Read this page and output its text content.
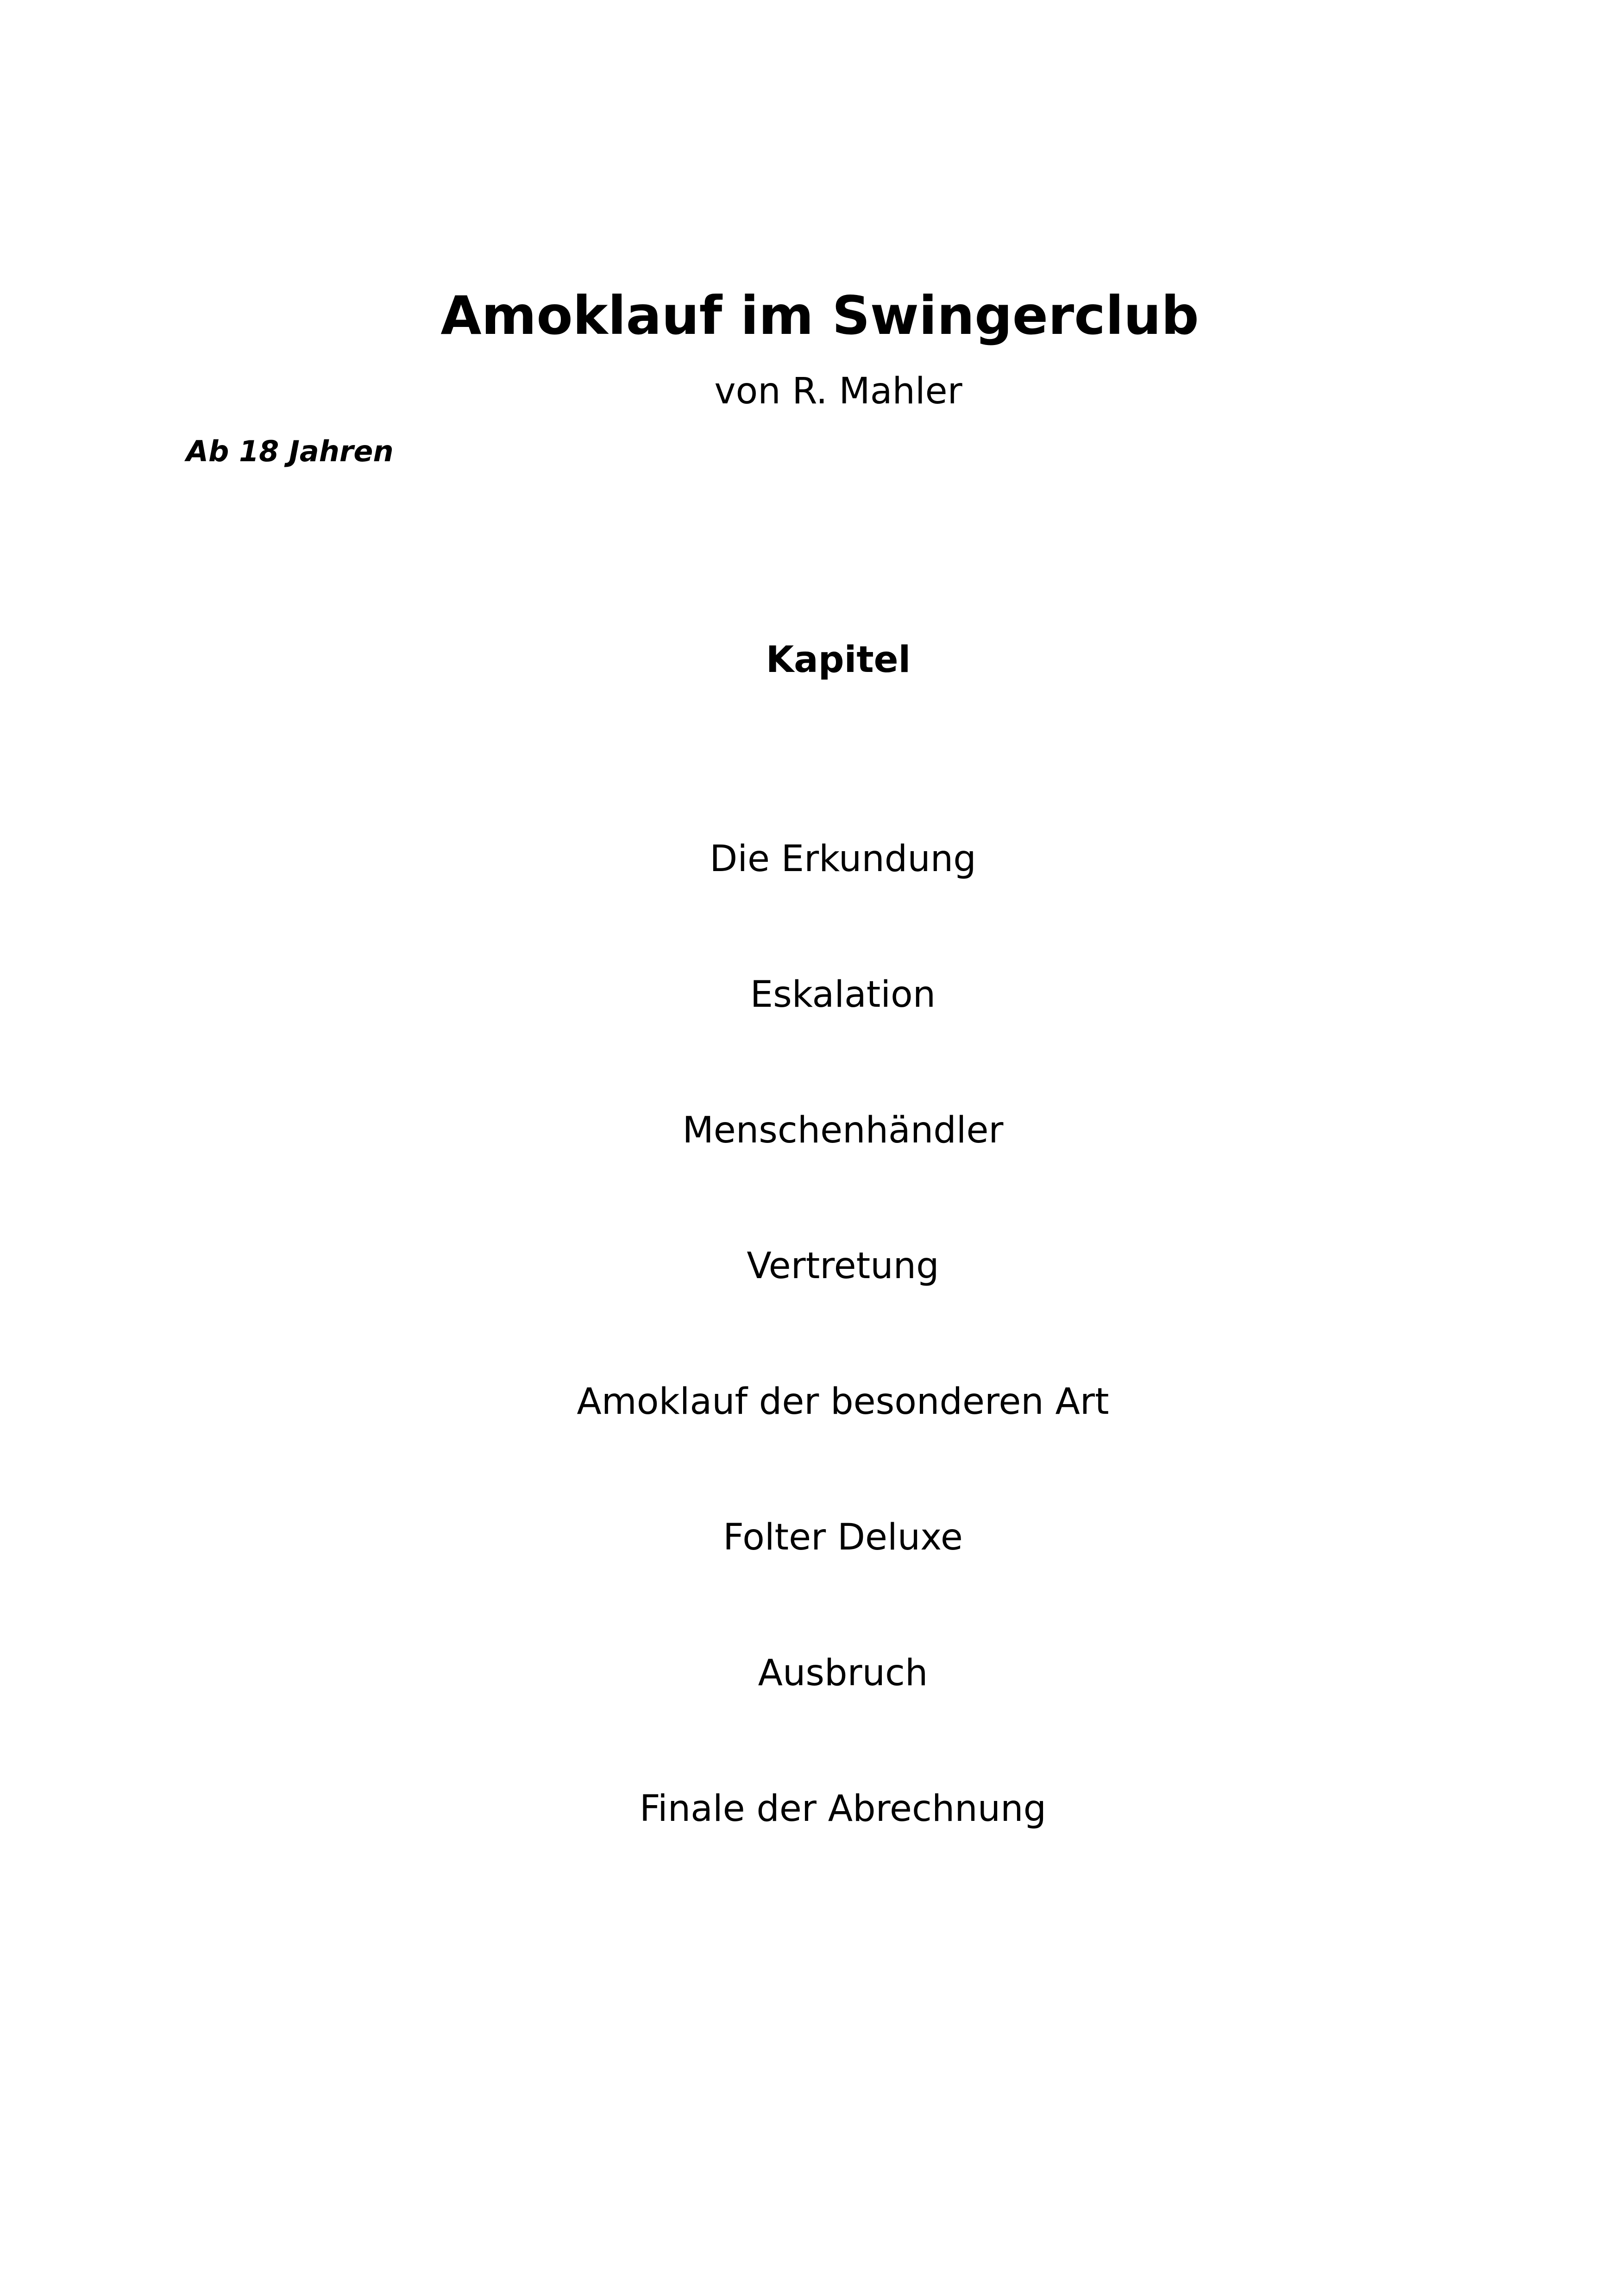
Amoklauf im Swingerclub
von R. Mahler
Ab 18 Jahren
Kapitel
Die Erkundung
Eskalation
Menschenhändler
Vertretung
Amoklauf der besonderen Art
Folter Deluxe
Ausbruch
Finale der Abrechnung
